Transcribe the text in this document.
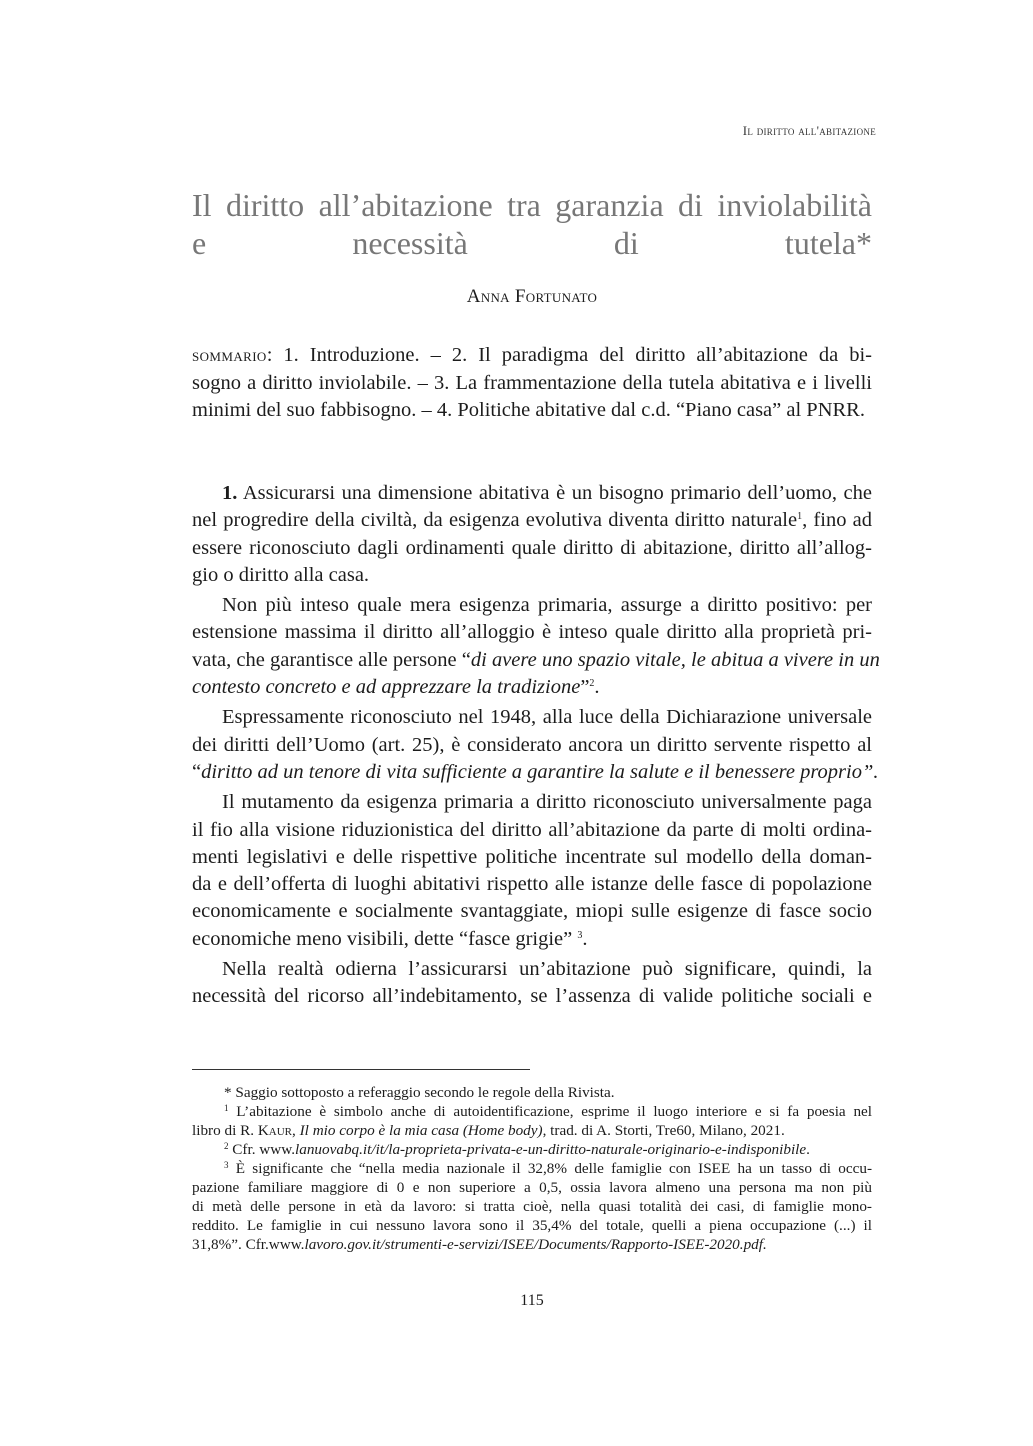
Il diritto all'abitazione
Il diritto all’abitazione tra garanzia di inviolabilità
e necessità di tutela*
Anna Fortunato
sommario: 1. Introduzione. – 2. Il paradigma del diritto all’abitazione da bi-
sogno a diritto inviolabile. – 3. La frammentazione della tutela abitativa e i livelli
minimi del suo fabbisogno. – 4. Politiche abitative dal c.d. “Piano casa” al PNRR.
1. Assicurarsi una dimensione abitativa è un bisogno primario dell’uomo, che
nel progredire della civiltà, da esigenza evolutiva diventa diritto naturale$^1$, fino ad
essere riconosciuto dagli ordinamenti quale diritto di abitazione, diritto all’allog-
gio o diritto alla casa.
Non più inteso quale mera esigenza primaria, assurge a diritto positivo: per
estensione massima il diritto all’alloggio è inteso quale diritto alla proprietà pri-
vata, che garantisce alle persone “di avere uno spazio vitale, le abitua a vivere in un
contesto concreto e ad apprezzare la tradizione”$^2$.
Espressamente riconosciuto nel 1948, alla luce della Dichiarazione universale
dei diritti dell’Uomo (art. 25), è considerato ancora un diritto servente rispetto al
“diritto ad un tenore di vita sufficiente a garantire la salute e il benessere proprio”.
Il mutamento da esigenza primaria a diritto riconosciuto universalmente paga
il fio alla visione riduzionistica del diritto all’abitazione da parte di molti ordina-
menti legislativi e delle rispettive politiche incentrate sul modello della doman-
da e dell’offerta di luoghi abitativi rispetto alle istanze delle fasce di popolazione
economicamente e socialmente svantaggiate, miopi sulle esigenze di fasce socio
economiche meno visibili, dette “fasce grigie” $^3$.
Nella realtà odierna l’assicurarsi un’abitazione può significare, quindi, la
necessità del ricorso all’indebitamento, se l’assenza di valide politiche sociali e
* Saggio sottoposto a referaggio secondo le regole della Rivista.
$^1$ L’abitazione è simbolo anche di autoidentificazione, esprime il luogo interiore e si fa poesia nel
libro di R. Kaur, Il mio corpo è la mia casa (Home body), trad. di A. Storti, Tre60, Milano, 2021.
$^2$ Cfr. www.lanuovabq.it/it/la-proprieta-privata-e-un-diritto-naturale-originario-e-indisponibile.
$^3$ È significante che “nella media nazionale il 32,8% delle famiglie con ISEE ha un tasso di occu-
pazione familiare maggiore di 0 e non superiore a 0,5, ossia lavora almeno una persona ma non più
di metà delle persone in età da lavoro: si tratta cioè, nella quasi totalità dei casi, di famiglie mono-
reddito. Le famiglie in cui nessuno lavora sono il 35,4% del totale, quelli a piena occupazione (...) il
31,8%”. Cfr.www.lavoro.gov.it/strumenti-e-servizi/ISEE/Documents/Rapporto-ISEE-2020.pdf.
115
